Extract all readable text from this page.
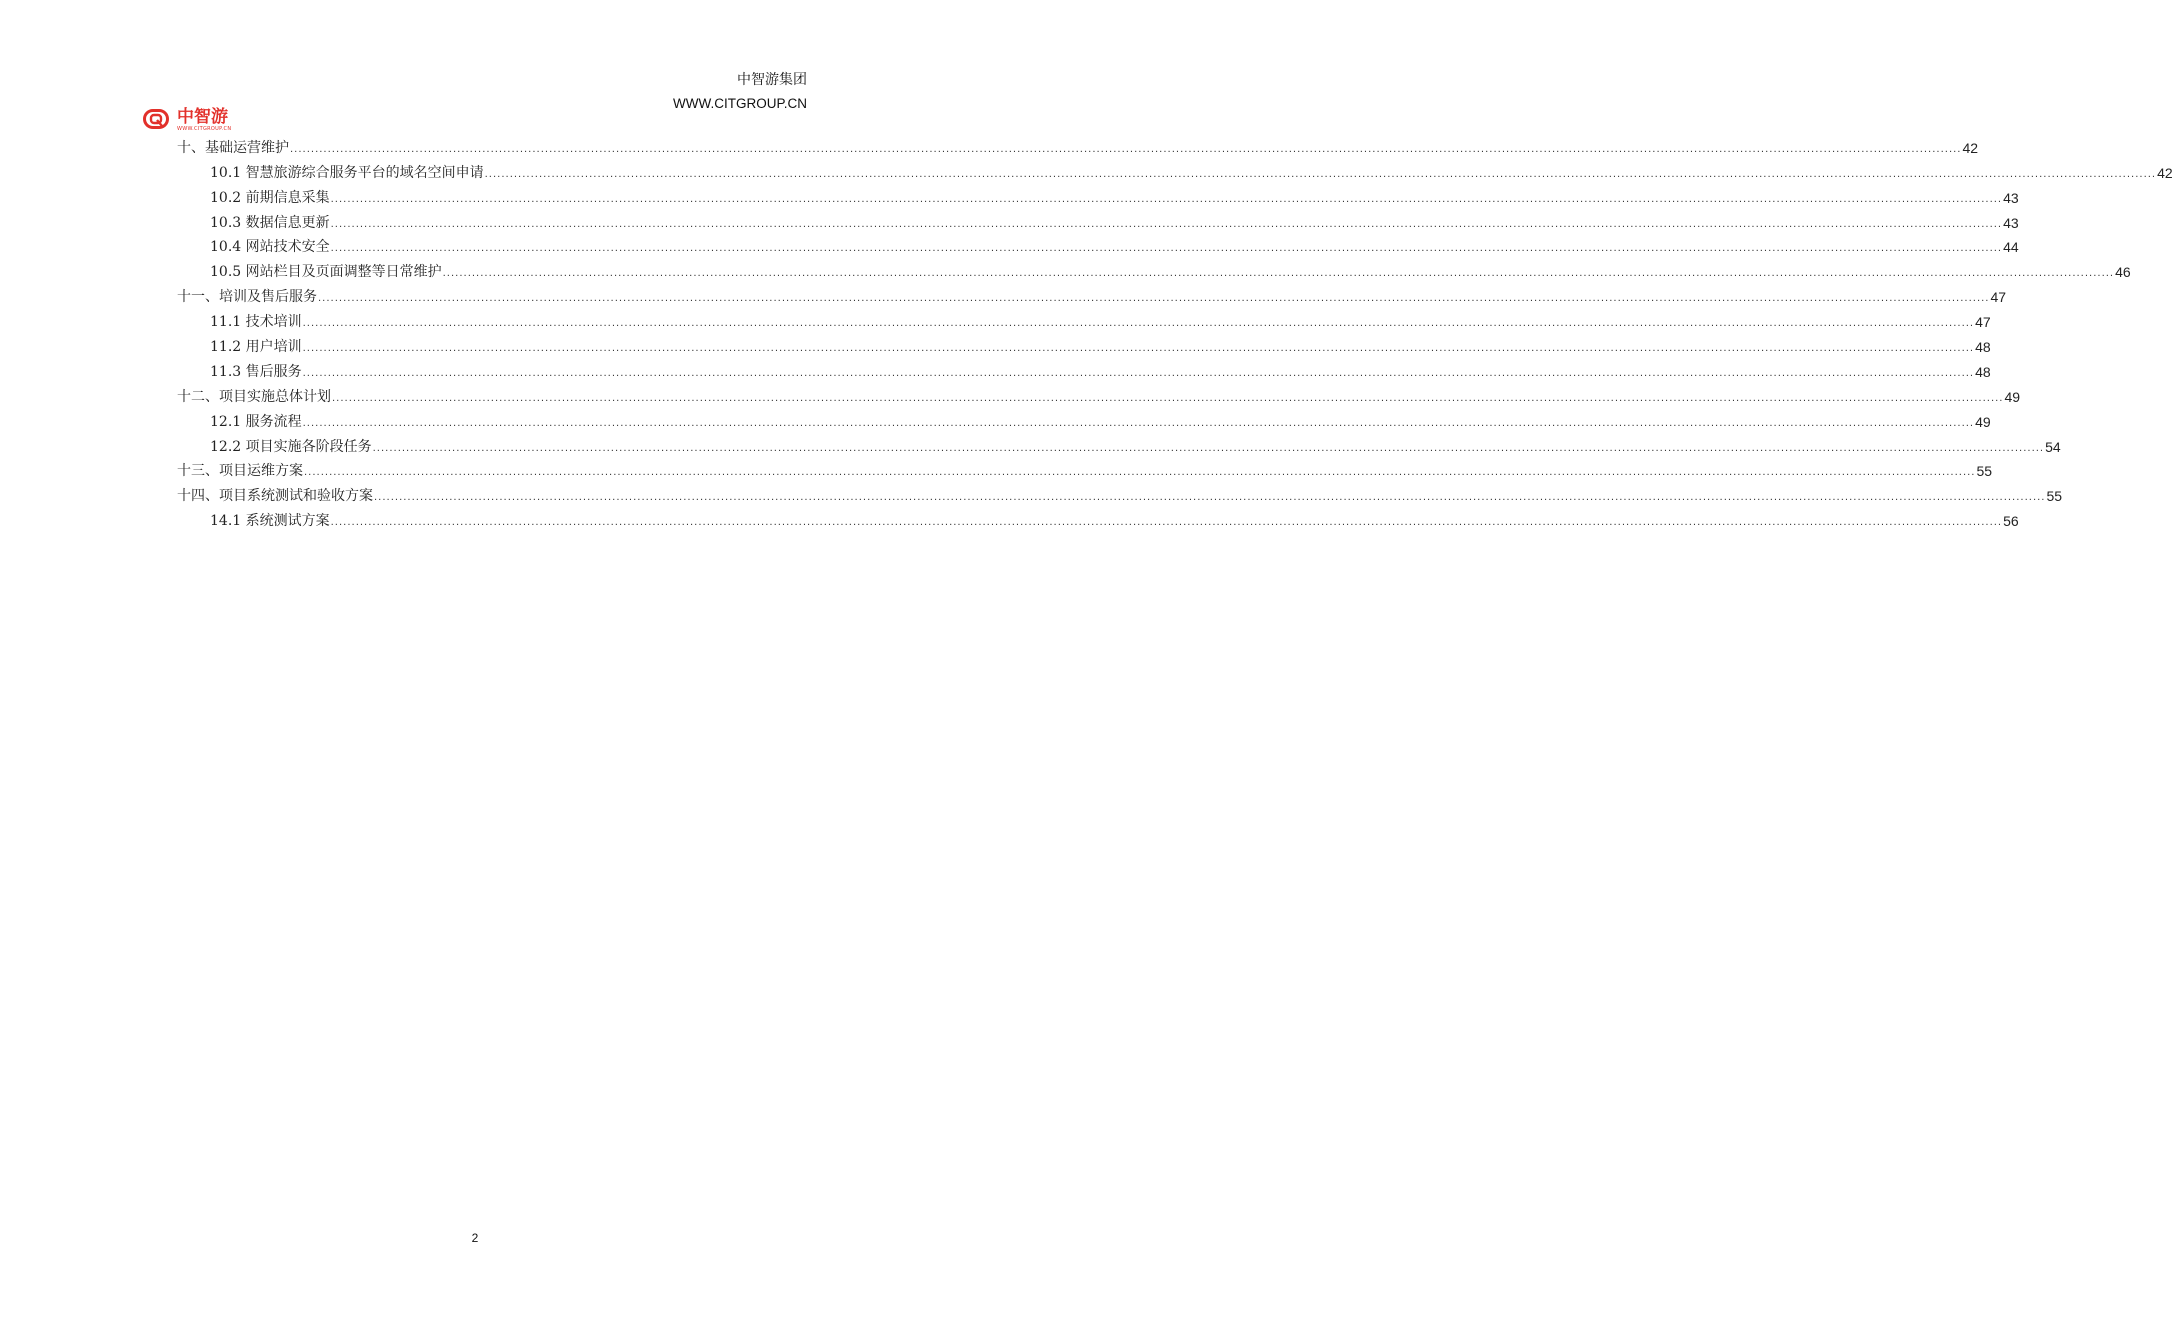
中智游集团
WWW.CITGROUP.CN
中智游
WWW.CITGROUP.CN
十、基础运营维护 ................................................................................................................................................................................................................................................................................................................................................................................................................ 42
10.1 智慧旅游综合服务平台的域名空间申请 ................................................................................................................................................................................................................................................................................................................................................................................................................ 42
10.2 前期信息采集 ................................................................................................................................................................................................................................................................................................................................................................................................................ 43
10.3 数据信息更新 ................................................................................................................................................................................................................................................................................................................................................................................................................ 43
10.4 网站技术安全 ................................................................................................................................................................................................................................................................................................................................................................................................................ 44
10.5 网站栏目及页面调整等日常维护 ................................................................................................................................................................................................................................................................................................................................................................................................................ 46
十一、培训及售后服务 ................................................................................................................................................................................................................................................................................................................................................................................................................ 47
11.1 技术培训 ................................................................................................................................................................................................................................................................................................................................................................................................................ 47
11.2 用户培训 ................................................................................................................................................................................................................................................................................................................................................................................................................ 48
11.3 售后服务 ................................................................................................................................................................................................................................................................................................................................................................................................................ 48
十二、项目实施总体计划 ................................................................................................................................................................................................................................................................................................................................................................................................................ 49
12.1 服务流程 ................................................................................................................................................................................................................................................................................................................................................................................................................ 49
12.2 项目实施各阶段任务 ................................................................................................................................................................................................................................................................................................................................................................................................................ 54
十三、项目运维方案 ................................................................................................................................................................................................................................................................................................................................................................................................................ 55
十四、项目系统测试和验收方案 ................................................................................................................................................................................................................................................................................................................................................................................................................ 55
14.1 系统测试方案 ................................................................................................................................................................................................................................................................................................................................................................................................................ 56
2
